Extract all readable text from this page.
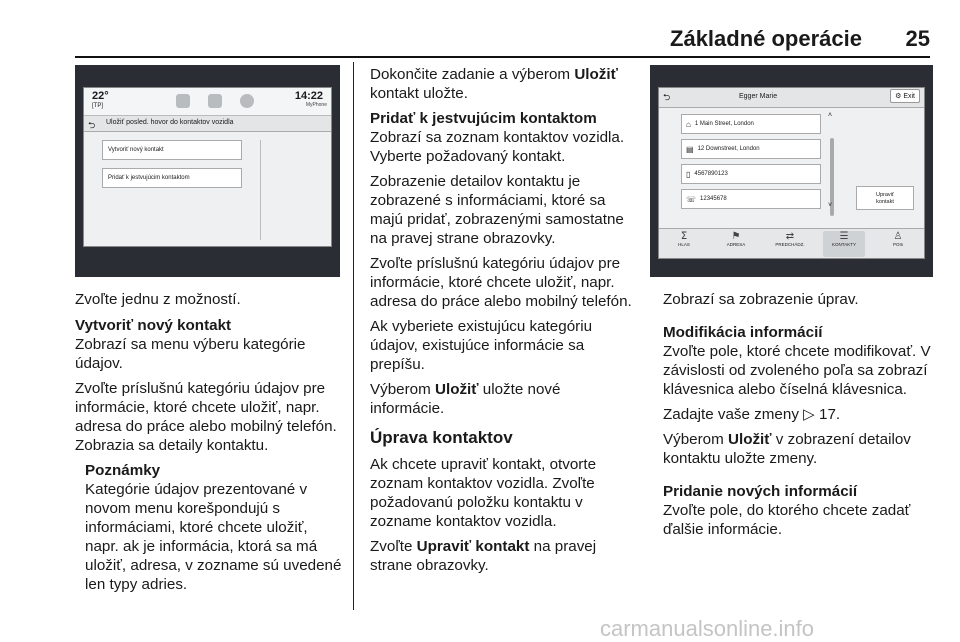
Základné operácie 25
22°
[TP]
14:22
MyPhone
⮌ Uložiť posled. hovor do kontaktov vozidla
Vytvoriť nový kontakt
Pridať k jestvujúcim kontaktom
⮌	Egger Marie	⚙ Exit
⌂ 1 Main Street, London
▤ 12 Downstreet, London
▯ 4567890123
☏ 12345678
˄
˅
Upraviť
kontakt
ⵉ
HLAS
⚑
ADRESA
⇄
PREDCHÁDZ.
☰
KONTAKTY
♙
POIs

Zvoľte jednu z možností.

Vytvoriť nový kontakt

Zobrazí sa menu výberu kategórie údajov.

Zvoľte príslušnú kategóriu údajov pre informácie, ktoré chcete uložiť, napr. adresa do práce alebo mobilný telefón. Zobrazia sa detaily kontaktu.

Poznámky

Kategórie údajov prezentované v novom menu korešpondujú s informáciami, ktoré chcete uložiť, napr. ak je informácia, ktorá sa má uložiť, adresa, v zozname sú uvedené len typy adries.

Dokončite zadanie a výberom Uložiť kontakt uložte.

Pridať k jestvujúcim kontaktom

Zobrazí sa zoznam kontaktov vozidla. Vyberte požadovaný kontakt.

Zobrazenie detailov kontaktu je zobrazené s informáciami, ktoré sa majú pridať, zobrazenými samostatne na pravej strane obrazovky.

Zvoľte príslušnú kategóriu údajov pre informácie, ktoré chcete uložiť, napr. adresa do práce alebo mobilný telefón.

Ak vyberiete existujúcu kategóriu údajov, existujúce informácie sa prepíšu.

Výberom Uložiť uložte nové informácie.

Úprava kontaktov

Ak chcete upraviť kontakt, otvorte zoznam kontaktov vozidla. Zvoľte požadovanú položku kontaktu v zozname kontaktov vozidla.

Zvoľte Upraviť kontakt na pravej strane obrazovky.

Zobrazí sa zobrazenie úprav.

Modifikácia informácií

Zvoľte pole, ktoré chcete modifikovať. V závislosti od zvoleného poľa sa zobrazí klávesnica alebo číselná klávesnica.

Zadajte vaše zmeny ▷ 17.

Výberom Uložiť v zobrazení detailov kontaktu uložte zmeny.

Pridanie nových informácií

Zvoľte pole, do ktorého chcete zadať ďalšie informácie.

carmanualsonline.info
